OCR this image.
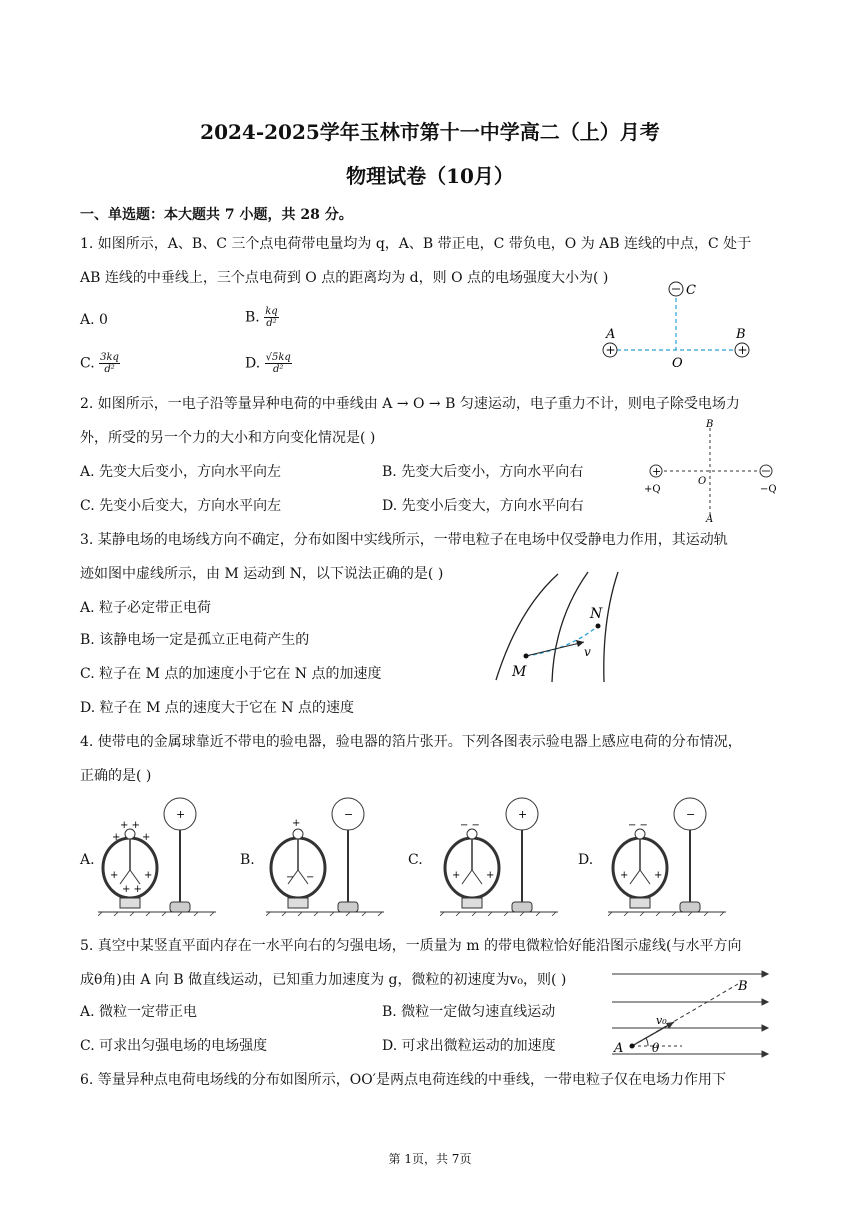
2024-2025学年玉林市第十一中学高二（上）月考
物理试卷（10月）
一、单选题：本大题共 7 小题，共 28 分。
1. 如图所示，A、B、C 三个点电荷带电量均为 q，A、B 带正电，C 带负电，O 为 AB 连线的中点，C 处于
AB 连线的中垂线上，三个点电荷到 O 点的距离均为 d，则 O 点的电场强度大小为( )
A. 0	B. $\frac{kq}{\text{d²}}$
C. $\frac{3kq}{\text{d²}}$	D. $\frac{√5kq}{\text{d²}}$
+	+
A	B
C
O
2. 如图所示，一电子沿等量异种电荷的中垂线由 A → O → B 匀速运动，电子重力不计，则电子除受电场力
外，所受的另一个力的大小和方向变化情况是( )
A. 先变大后变小，方向水平向左	B. 先变大后变小，方向水平向右
C. 先变小后变大，方向水平向左	D. 先变小后变大，方向水平向右
+
B
A
O
+Q	−Q
3. 某静电场的电场线方向不确定，分布如图中实线所示，一带电粒子在电场中仅受静电力作用，其运动轨
迹如图中虚线所示，由 M 运动到 N，以下说法正确的是( )
A. 粒子必定带正电荷
B. 该静电场一定是孤立正电荷产生的
C. 粒子在 M 点的加速度小于它在 N 点的加速度
D. 粒子在 M 点的速度大于它在 N 点的速度
M
N
v
4. 使带电的金属球靠近不带电的验电器，验电器的箔片张开。下列各图表示验电器上感应电荷的分布情况，
正确的是( )
A.	B.	C.	D.
+ +
+ +
+	+
+ +
+
+
− −
−
− −
+	+
+
− −
+	+
−
5. 真空中某竖直平面内存在一水平向右的匀强电场，一质量为 m 的带电微粒恰好能沿图示虚线(与水平方向
成θ角)由 A 向 B 做直线运动，已知重力加速度为 g，微粒的初速度为v₀，则( )
A. 微粒一定带正电	B. 微粒一定做匀速直线运动
C. 可求出匀强电场的电场强度	D. 可求出微粒运动的加速度	A
B
v₀
θ
6. 等量异种点电荷电场线的分布如图所示，OO′是两点电荷连线的中垂线，一带电粒子仅在电场力作用下
第 1页，共 7页
